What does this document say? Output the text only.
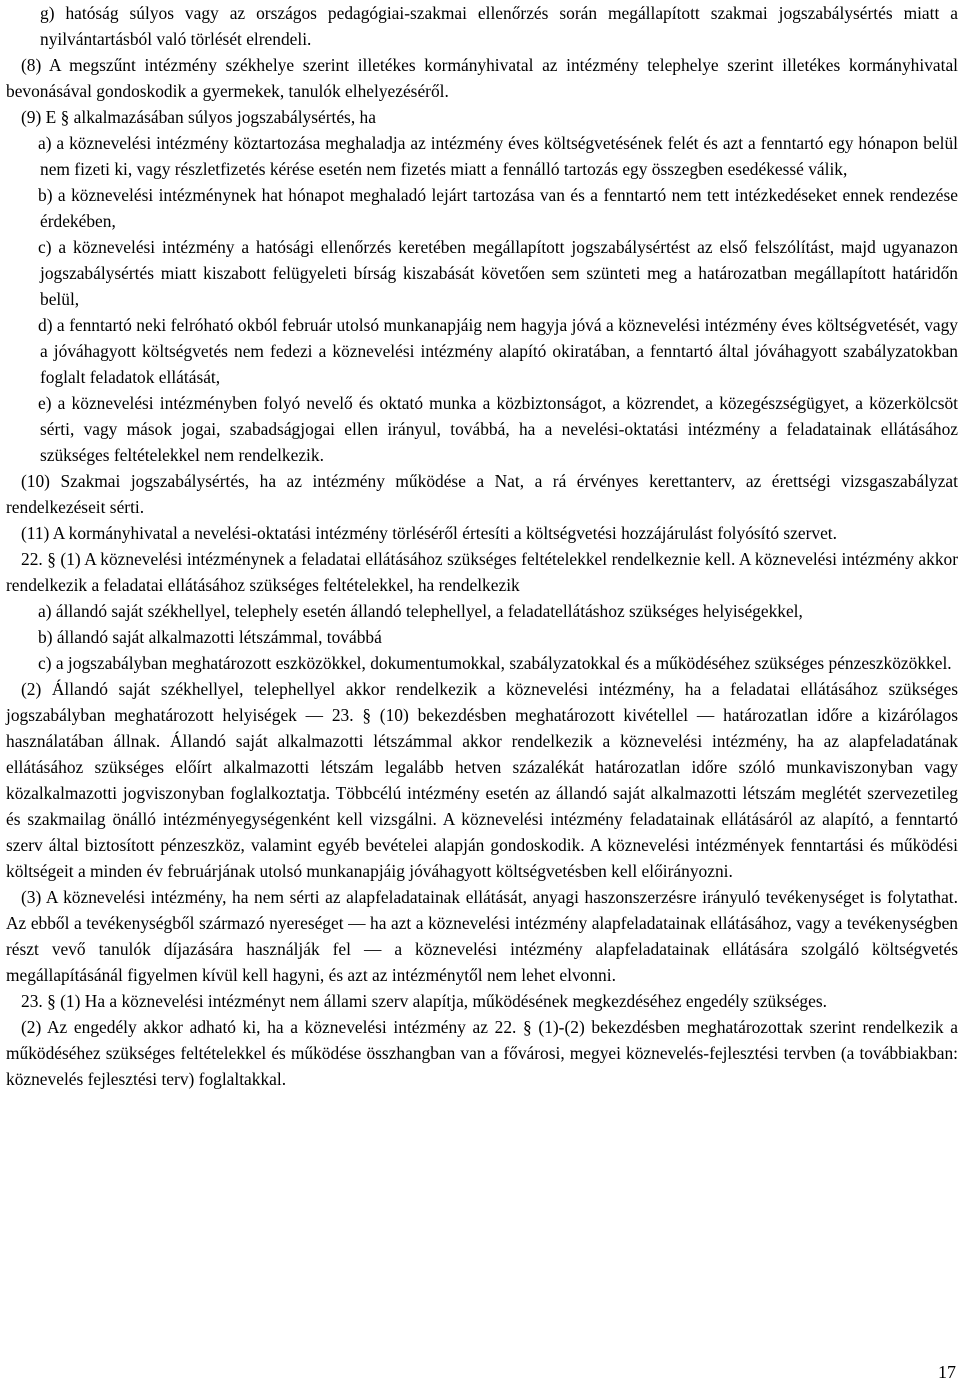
g) hatóság súlyos vagy az országos pedagógiai-szakmai ellenőrzés során megállapított szakmai jogszabálysértés miatt a nyilvántartásból való törlését elrendeli.

(8) A megszűnt intézmény székhelye szerint illetékes kormányhivatal az intézmény telephelye szerint illetékes kormányhivatal bevonásával gondoskodik a gyermekek, tanulók elhelyezéséről.

(9) E § alkalmazásában súlyos jogszabálysértés, ha

a) a köznevelési intézmény köztartozása meghaladja az intézmény éves költségvetésének felét és azt a fenntartó egy hónapon belül nem fizeti ki, vagy részletfizetés kérése esetén nem fizetés miatt a fennálló tartozás egy összegben esedékessé válik,

b) a köznevelési intézménynek hat hónapot meghaladó lejárt tartozása van és a fenntartó nem tett intézkedéseket ennek rendezése érdekében,

c) a köznevelési intézmény a hatósági ellenőrzés keretében megállapított jogszabálysértést az első felszólítást, majd ugyanazon jogszabálysértés miatt kiszabott felügyeleti bírság kiszabását követően sem szünteti meg a határozatban megállapított határidőn belül,

d) a fenntartó neki felróható okból február utolsó munkanapjáig nem hagyja jóvá a köznevelési intézmény éves költségvetését, vagy a jóváhagyott költségvetés nem fedezi a köznevelési intézmény alapító okiratában, a fenntartó által jóváhagyott szabályzatokban foglalt feladatok ellátását,

e) a köznevelési intézményben folyó nevelő és oktató munka a közbiztonságot, a közrendet, a közegészségügyet, a közerkölcsöt sérti, vagy mások jogai, szabadságjogai ellen irányul, továbbá, ha a nevelési-oktatási intézmény a feladatainak ellátásához szükséges feltételekkel nem rendelkezik.

(10) Szakmai jogszabálysértés, ha az intézmény működése a Nat, a rá érvényes kerettanterv, az érettségi vizsgaszabályzat rendelkezéseit sérti.

(11) A kormányhivatal a nevelési-oktatási intézmény törléséről értesíti a költségvetési hozzájárulást folyósító szervet.

22. § (1) A köznevelési intézménynek a feladatai ellátásához szükséges feltételekkel rendelkeznie kell. A köznevelési intézmény akkor rendelkezik a feladatai ellátásához szükséges feltételekkel, ha rendelkezik

a) állandó saját székhellyel, telephely esetén állandó telephellyel, a feladatellátáshoz szükséges helyiségekkel,

b) állandó saját alkalmazotti létszámmal, továbbá

c) a jogszabályban meghatározott eszközökkel, dokumentumokkal, szabályzatokkal és a működéséhez szükséges pénzeszközökkel.

(2) Állandó saját székhellyel, telephellyel akkor rendelkezik a köznevelési intézmény, ha a feladatai ellátásához szükséges jogszabályban meghatározott helyiségek — 23. § (10) bekezdésben meghatározott kivétellel — határozatlan időre a kizárólagos használatában állnak. Állandó saját alkalmazotti létszámmal akkor rendelkezik a köznevelési intézmény, ha az alapfeladatának ellátásához szükséges előírt alkalmazotti létszám legalább hetven százalékát határozatlan időre szóló munkaviszonyban vagy közalkalmazotti jogviszonyban foglalkoztatja. Többcélú intézmény esetén az állandó saját alkalmazotti létszám meglétét szervezetileg és szakmailag önálló intézményegységenként kell vizsgálni. A köznevelési intézmény feladatainak ellátásáról az alapító, a fenntartó szerv által biztosított pénzeszköz, valamint egyéb bevételei alapján gondoskodik. A köznevelési intézmények fenntartási és működési költségeit a minden év februárjának utolsó munkanapjáig jóváhagyott költségvetésben kell előirányozni.

(3) A köznevelési intézmény, ha nem sérti az alapfeladatainak ellátását, anyagi haszonszerzésre irányuló tevékenységet is folytathat. Az ebből a tevékenységből származó nyereséget — ha azt a köznevelési intézmény alapfeladatainak ellátásához, vagy a tevékenységben részt vevő tanulók díjazására használják fel — a köznevelési intézmény alapfeladatainak ellátására szolgáló költségvetés megállapításánál figyelmen kívül kell hagyni, és azt az intézménytől nem lehet elvonni.

23. § (1) Ha a köznevelési intézményt nem állami szerv alapítja, működésének megkezdéséhez engedély szükséges.

(2) Az engedély akkor adható ki, ha a köznevelési intézmény az 22. § (1)-(2) bekezdésben meghatározottak szerint rendelkezik a működéséhez szükséges feltételekkel és működése összhangban van a fővárosi, megyei köznevelés-fejlesztési tervben (a továbbiakban: köznevelés fejlesztési terv) foglaltakkal.

17
